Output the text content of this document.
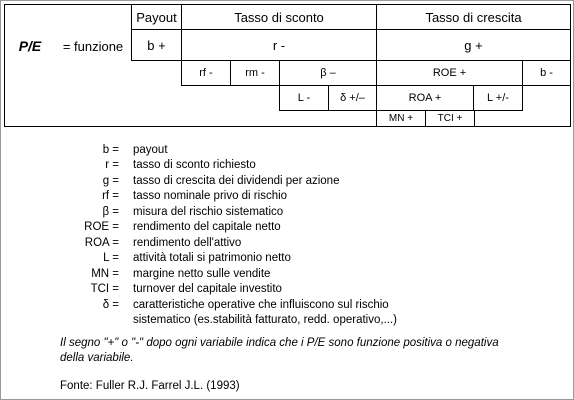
P/E	= funzione
Payout	Tasso di sconto	Tasso di crescita
b +	r -	g +
rf -	rm -	β –	ROE +	b -
L -	δ +/–	ROA +	L +/-
MN +	TCI +
b = payout
r = tasso di sconto richiesto
g = tasso di crescita dei dividendi per azione
rf = tasso nominale privo di rischio
β = misura del rischio sistematico
ROE = rendimento del capitale netto
ROA = rendimento dell'attivo
L = attività totali si patrimonio netto
MN = margine netto sulle vendite
TCI = turnover del capitale investito
δ = caratteristiche operative che influiscono sul rischio
sistematico (es.stabilità fatturato, redd. operativo,...)
Il segno "+" o "-" dopo ogni variabile indica che i P/E sono funzione positiva o negativa della variabile.
Fonte: Fuller R.J. Farrel J.L. (1993)
